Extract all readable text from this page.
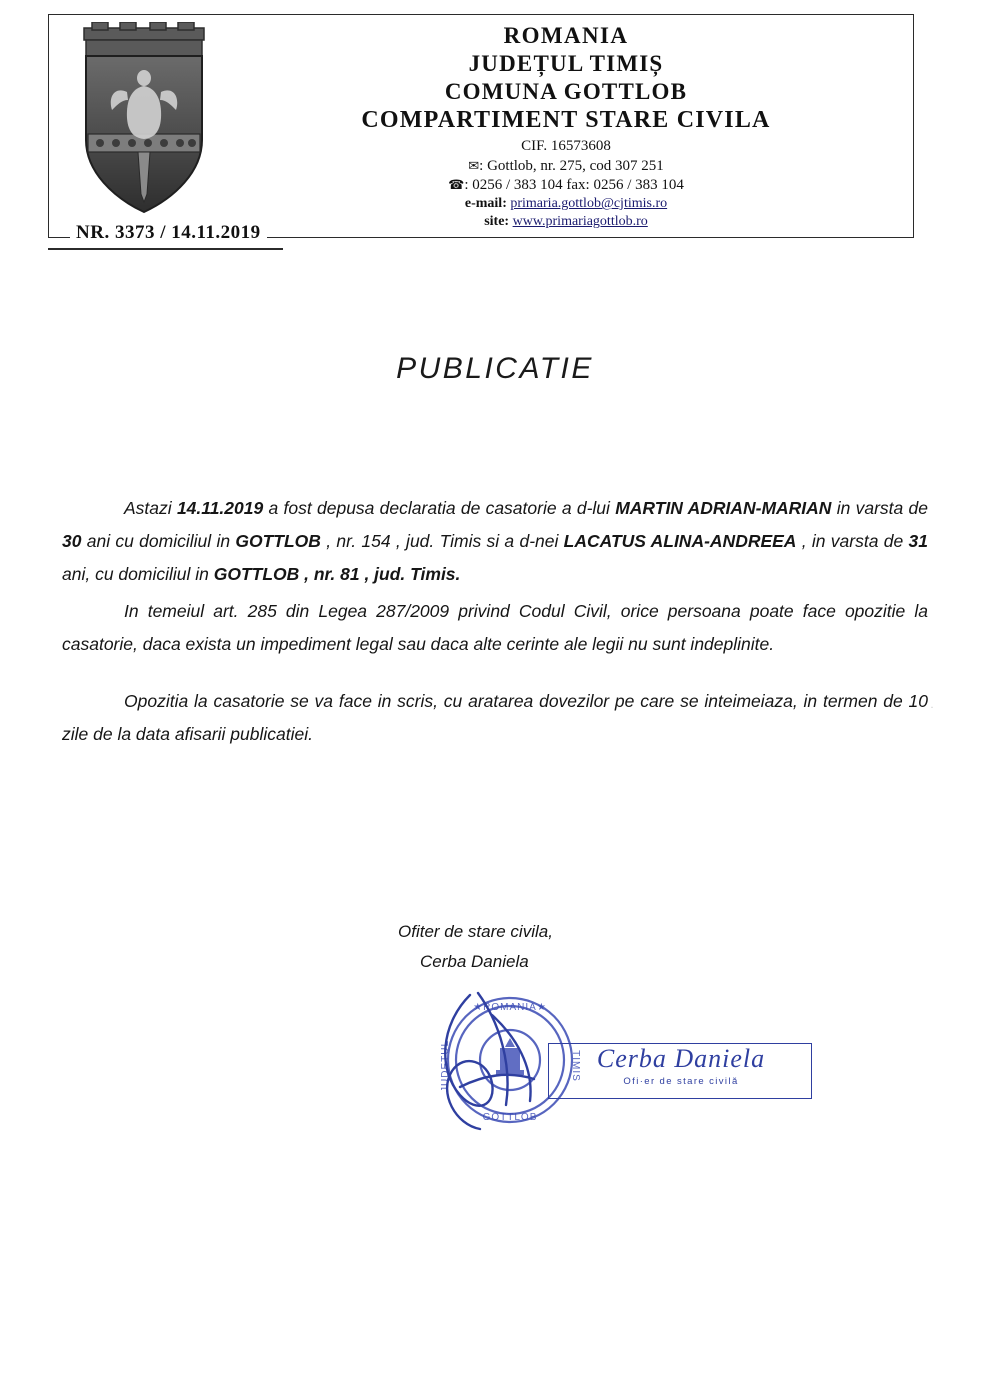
ROMANIA
JUDEȚUL TIMIȘ
COMUNA GOTTLOB
COMPARTIMENT STARE CIVILA
CIF. 16573608
✉: Gottlob, nr. 275, cod 307 251
☎: 0256 / 383 104 fax: 0256 / 383 104
e-mail: primaria.gottlob@cjtimis.ro
site: www.primariagottlob.ro
NR. 3373 / 14.11.2019
PUBLICATIE

Astazi 14.11.2019 a fost depusa declaratia de casatorie a d-lui MARTIN ADRIAN-MARIAN in varsta de 30 ani cu domiciliul in GOTTLOB , nr. 154 , jud. Timis si a d-nei LACATUS ALINA-ANDREEA , in varsta de 31 ani, cu domiciliul in GOTTLOB , nr. 81 , jud. Timis.

In temeiul art. 285 din Legea 287/2009 privind Codul Civil, orice persoana poate face opozitie la casatorie, daca exista un impediment legal sau daca alte cerinte ale legii nu sunt indeplinite.

Opozitia la casatorie se va face in scris, cu aratarea dovezilor pe care se inteimeiaza, in termen de 10 zile de la data afisarii publicatiei.

Ofiter de stare civila,
Cerba Daniela
★ROMANIA★
JUDETUL	TIMIS
GOTTLOB
Cerba Daniela
Ofi·er de stare civilă
·
